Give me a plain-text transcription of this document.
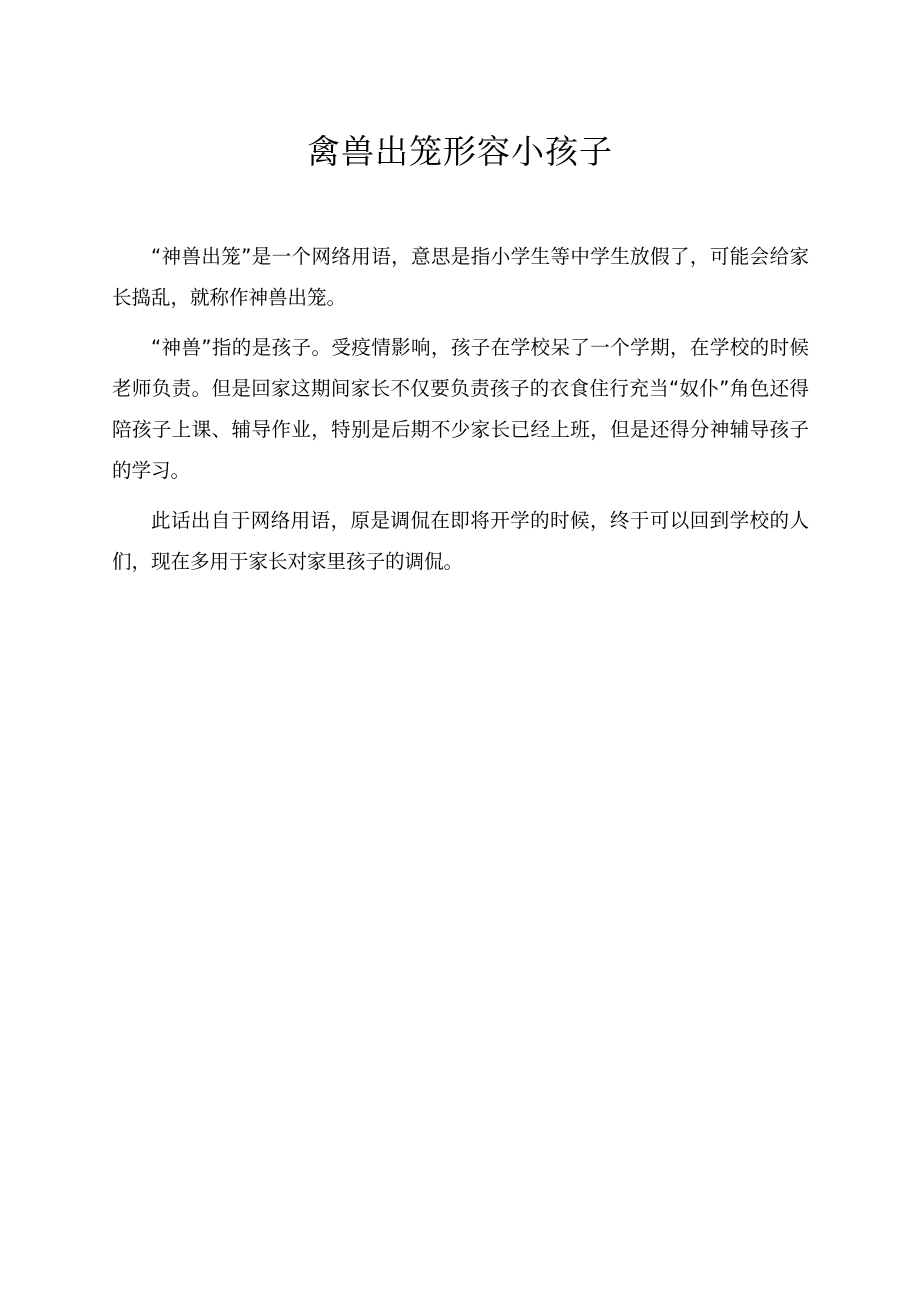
禽兽出笼形容小孩子

“神兽出笼”是一个网络用语，意思是指小学生等中学生放假了，可能会给家长捣乱，就称作神兽出笼。

“神兽”指的是孩子。受疫情影响，孩子在学校呆了一个学期，在学校的时候老师负责。但是回家这期间家长不仅要负责孩子的衣食住行充当“奴仆”角色还得陪孩子上课、辅导作业，特别是后期不少家长已经上班，但是还得分神辅导孩子的学习。

此话出自于网络用语，原是调侃在即将开学的时候，终于可以回到学校的人们，现在多用于家长对家里孩子的调侃。
